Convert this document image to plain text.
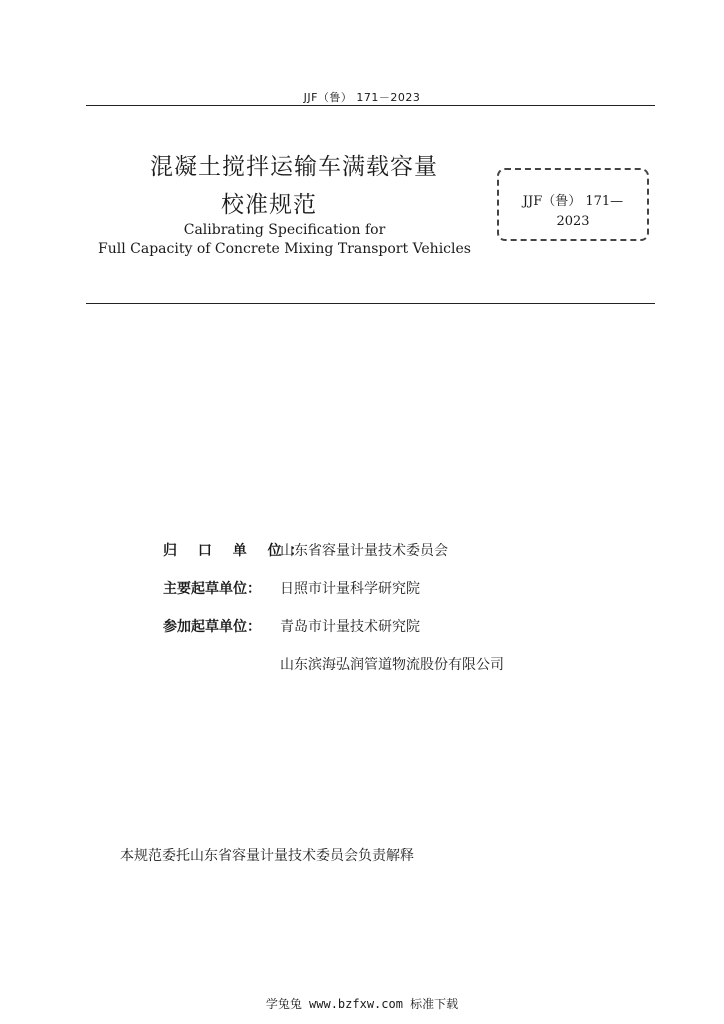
JJF（鲁） 171－2023
混凝土搅拌运输车满载容量
校准规范
Calibrating Specification for
Full Capacity of Concrete Mixing Transport Vehicles
JJF（鲁） 171—
2023
归 口 单 位：
山东省容量计量技术委员会
主要起草单位：	日照市计量科学研究院
参加起草单位：	青岛市计量技术研究院
山东滨海弘润管道物流股份有限公司
本规范委托山东省容量计量技术委员会负责解释
学兔兔 www.bzfxw.com 标准下载
